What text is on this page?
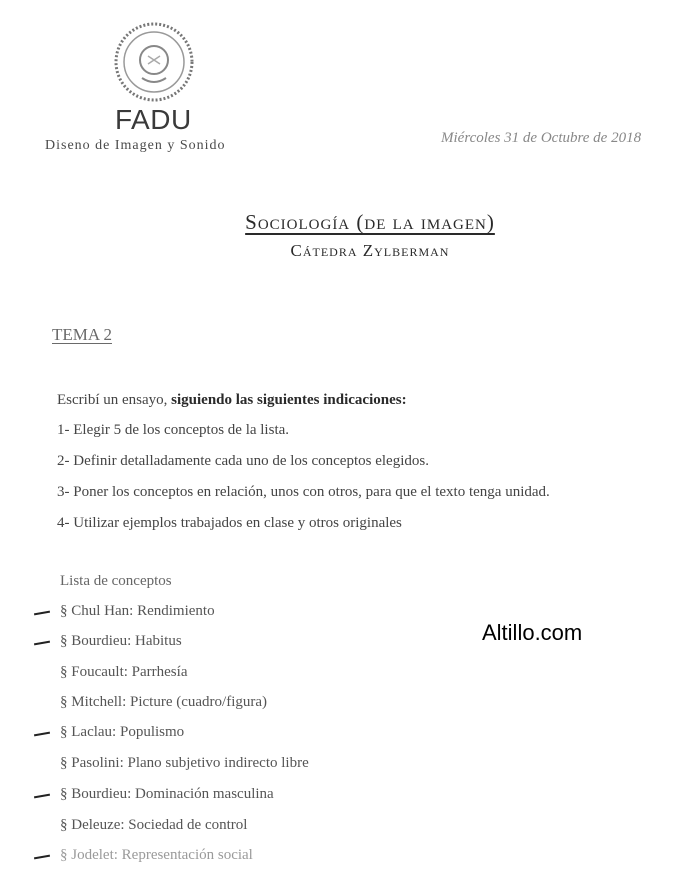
FADU
Diseno de Imagen y Sonido	Miércoles 31 de Octubre de 2018
Sociología (de la imagen)
Cátedra Zylberman
TEMA 2
Escribí un ensayo, siguiendo las siguientes indicaciones:
1- Elegir 5 de los conceptos de la lista.
2- Definir detalladamente cada uno de los conceptos elegidos.
3- Poner los conceptos en relación, unos con otros, para que el texto tenga unidad.
4- Utilizar ejemplos trabajados en clase y otros originales
Lista de conceptos
§ Chul Han: Rendimiento
§ Bourdieu: Habitus
§ Foucault: Parrhesía
§ Mitchell: Picture (cuadro/figura)
§ Laclau: Populismo
§ Pasolini: Plano subjetivo indirecto libre
§ Bourdieu: Dominación masculina
§ Deleuze: Sociedad de control
§ Jodelet: Representación social
Altillo.com
